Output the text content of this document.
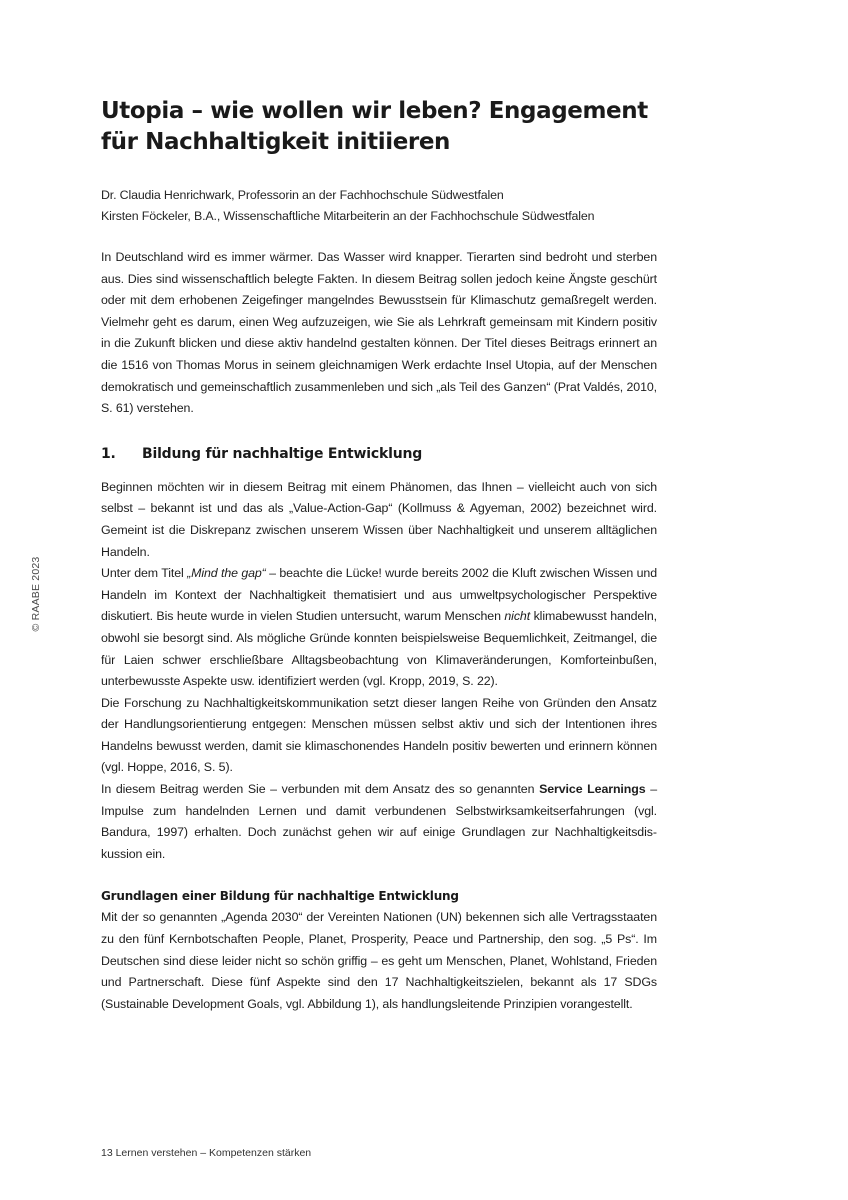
© RAABE 2023
Utopia – wie wollen wir leben? Engagement für Nachhaltigkeit initiieren
Dr. Claudia Henrichwark, Professorin an der Fachhochschule Südwestfalen
Kirsten Föckeler, B.A., Wissenschaftliche Mitarbeiterin an der Fachhochschule Südwestfalen

In Deutschland wird es immer wärmer. Das Wasser wird knapper. Tierarten sind bedroht und sterben aus. Dies sind wissenschaftlich belegte Fakten. In diesem Beitrag sollen jedoch keine Ängste geschürt oder mit dem erhobenen Zeigefinger mangelndes Bewusstsein für Klimaschutz gemaßregelt werden. Vielmehr geht es darum, einen Weg aufzuzeigen, wie Sie als Lehrkraft gemeinsam mit Kindern positiv in die Zukunft blicken und diese aktiv handelnd gestalten können. Der Titel dieses Beitrags erinnert an die 1516 von Thomas Morus in seinem gleichnamigen Werk erdachte Insel Utopia, auf der Menschen demokratisch und gemeinschaftlich zusammenleben und sich „als Teil des Ganzen“ (Prat Valdés, 2010, S. 61) verstehen.

1.	Bildung für nachhaltige Entwicklung

Beginnen möchten wir in diesem Beitrag mit einem Phänomen, das Ihnen – vielleicht auch von sich selbst – bekannt ist und das als „Value-Action-Gap“ (Kollmuss & Agyeman, 2002) bezeichnet wird. Gemeint ist die Diskrepanz zwischen unserem Wissen über Nachhaltigkeit und unserem alltäglichen Handeln.

Unter dem Titel „Mind the gap“ – beachte die Lücke! wurde bereits 2002 die Kluft zwischen Wissen und Handeln im Kontext der Nachhaltigkeit thematisiert und aus umweltpsychologischer Perspektive diskutiert. Bis heute wurde in vielen Studien untersucht, warum Menschen nicht klimabewusst handeln, obwohl sie besorgt sind. Als mögliche Gründe konnten beispielsweise Bequemlichkeit, Zeitmangel, die für Laien schwer erschließbare Alltagsbeobachtung von Klimaveränderungen, Komforteinbußen, unterbewusste Aspekte usw. identifiziert werden (vgl. Kropp, 2019, S. 22).

Die Forschung zu Nachhaltigkeitskommunikation setzt dieser langen Reihe von Gründen den Ansatz der Handlungsorientierung entgegen: Menschen müssen selbst aktiv und sich der Intentionen ihres Handelns bewusst werden, damit sie klimaschonendes Handeln positiv bewerten und erinnern können (vgl. Hoppe, 2016, S. 5).

In diesem Beitrag werden Sie – verbunden mit dem Ansatz des so genannten Service Learnings – Impulse zum handelnden Lernen und damit verbundenen Selbstwirksamkeitserfahrungen (vgl. Bandura, 1997) erhalten. Doch zunächst gehen wir auf einige Grundlagen zur Nachhaltigkeitsdiskussion ein.

Grundlagen einer Bildung für nachhaltige Entwicklung

Mit der so genannten „Agenda 2030“ der Vereinten Nationen (UN) bekennen sich alle Vertragsstaaten zu den fünf Kernbotschaften People, Planet, Prosperity, Peace und Partnership, den sog. „5 Ps“. Im Deutschen sind diese leider nicht so schön griffig – es geht um Menschen, Planet, Wohlstand, Frieden und Partnerschaft. Diese fünf Aspekte sind den 17 Nachhaltigkeitszielen, bekannt als 17 SDGs (Sustainable Development Goals, vgl. Abbildung 1), als handlungsleitende Prinzipien vorangestellt.

13 Lernen verstehen – Kompetenzen stärken
